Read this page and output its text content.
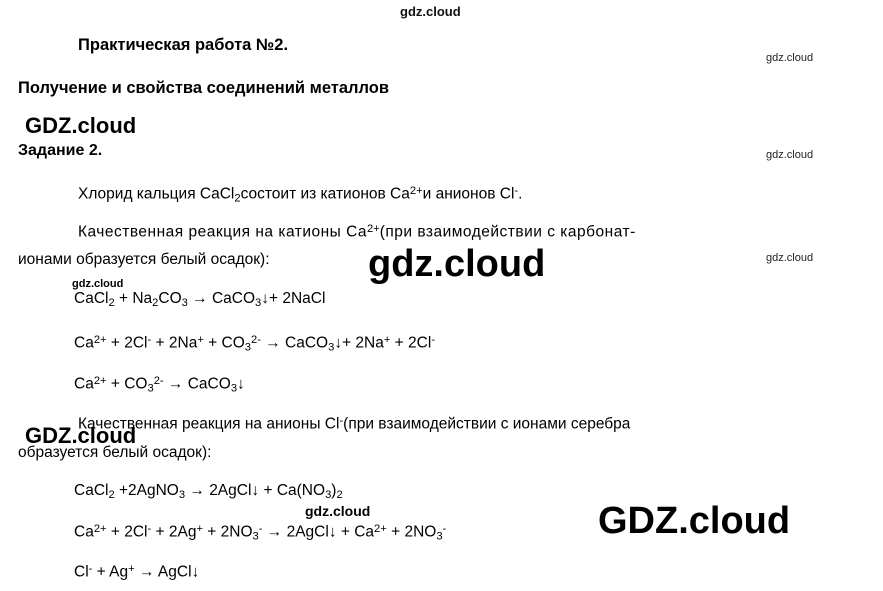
gdz.cloud
gdz.cloud
gdz.cloud
gdz.cloud
GDZ.cloud
gdz.cloud
gdz.cloud
GDZ.cloud
gdz.cloud	GDZ.cloud
Практическая работа №2.
Получение и свойства соединений металлов
Задание 2.
Хлорид кальция CaCl$_2$состоит из катионов $Ca^{2+}и$ анионов Cl-.
Качественная реакция на катионы $Ca^{2+}(при$ взаимодействии с карбонат-
ионами образуется белый осадок):
CaCl$_2$ + $Na_2CO_3$ → CaCO$_3$↓+ 2NaCl
$Ca^{2+} + 2Cl^- + 2Na^+ + CO_3^{2-}$ → CaCO$_3$↓+ 2Na+ + 2Cl-
$Ca^{2+} + CO_3^{2-}$ → CaCO$_3$↓
Качественная реакция на анионы Cl-(при взаимодействии с ионами серебра
образуется белый осадок):
CaCl$_2$ +2AgNO$_3$ → 2AgCl↓ + $Ca(NO_3)_2$
$Ca^{2+} + 2Cl^- + 2Ag^+ + 2NO_3^-$ → 2AgCl↓ + $Ca^{2+} + 2NO_3^-$
Cl- + Ag+ → AgCl↓
